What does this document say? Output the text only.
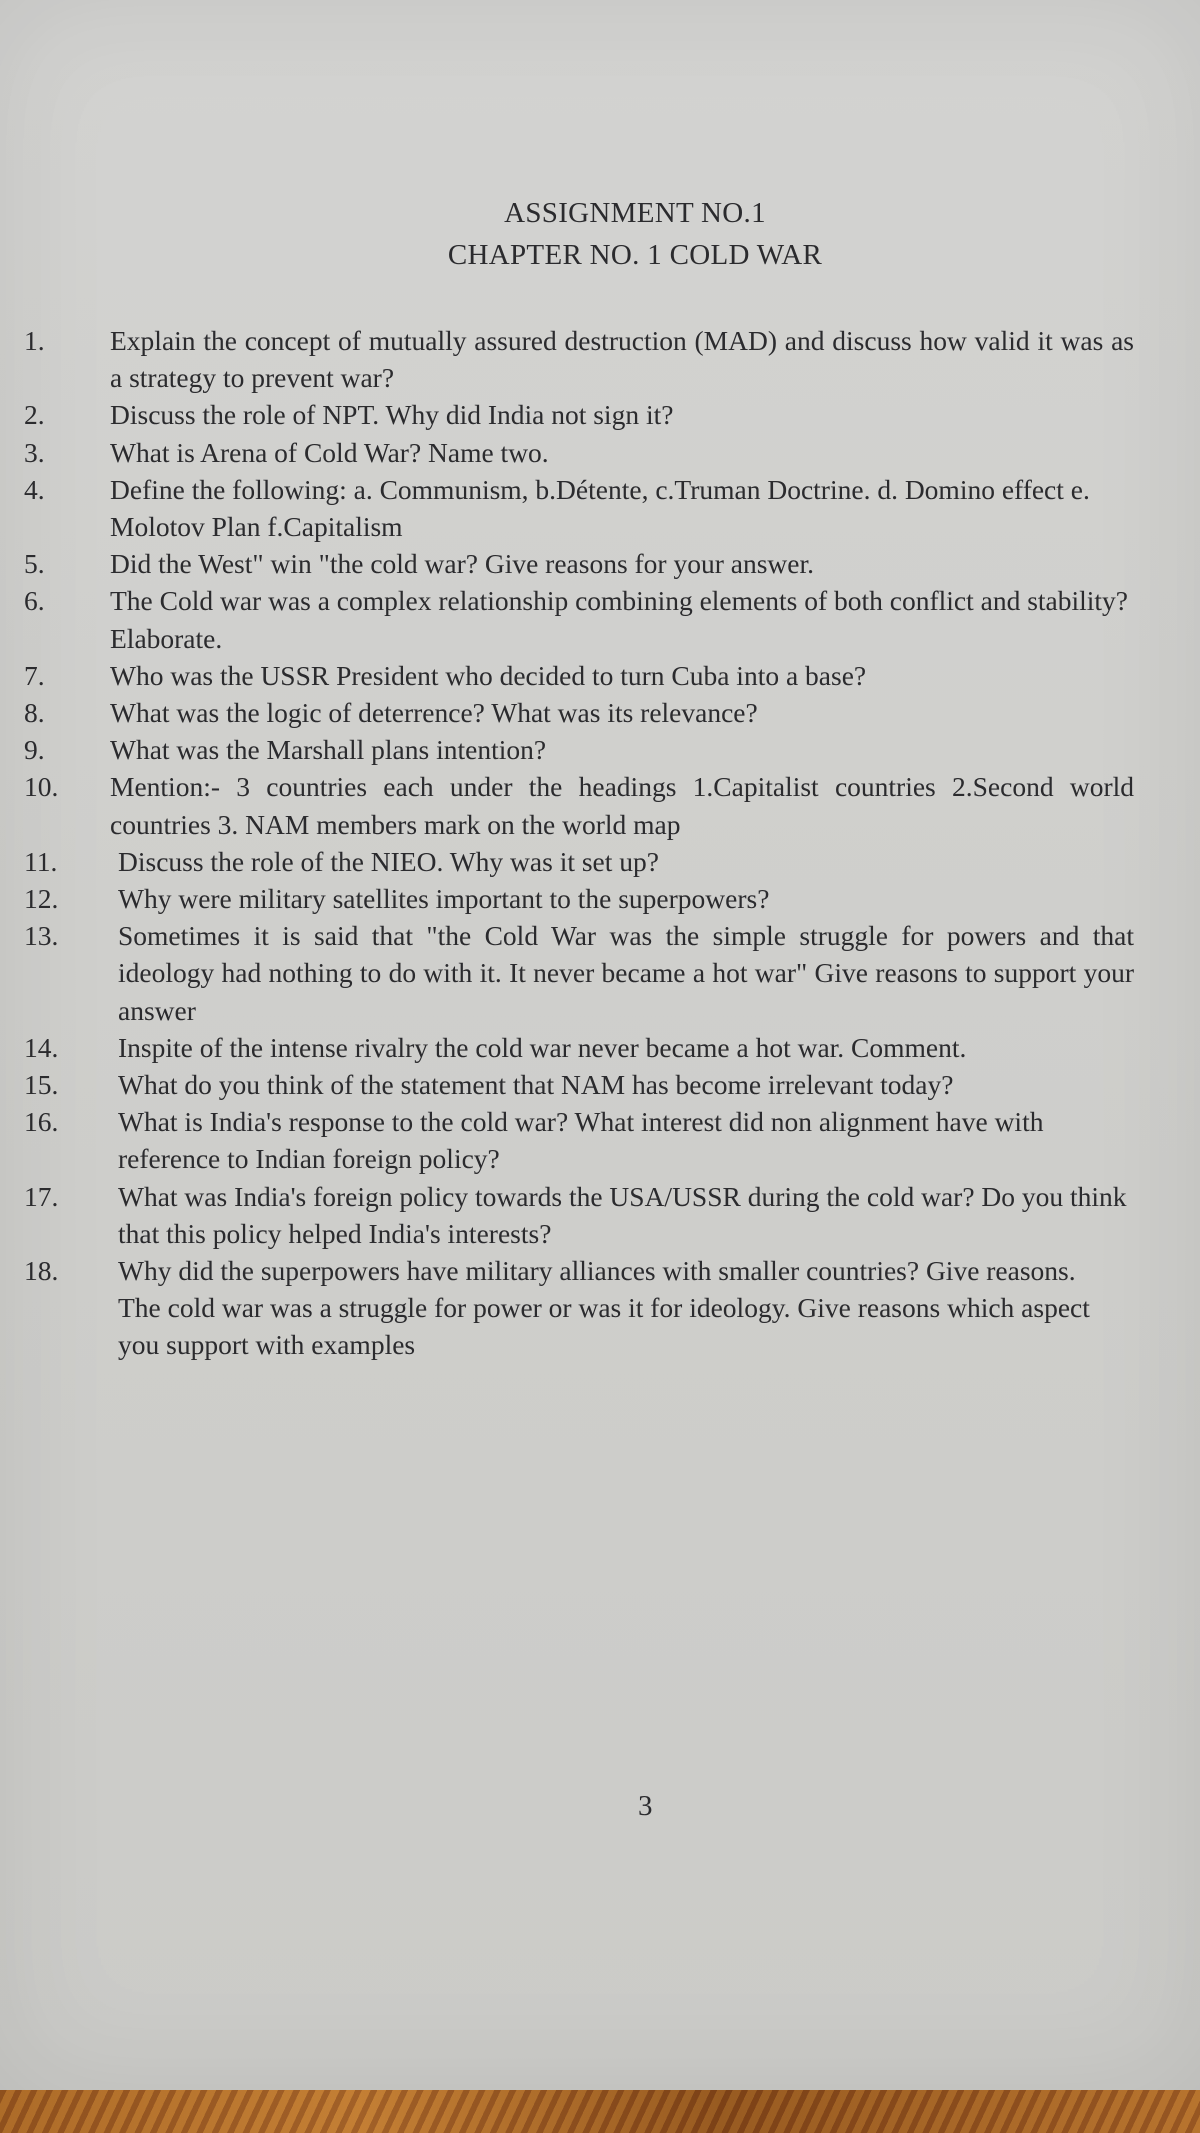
ASSIGNMENT NO.1
CHAPTER NO. 1 COLD WAR
1.	Explain the concept of mutually assured destruction (MAD) and discuss how valid it was as a strategy to prevent war?
2.	Discuss the role of NPT. Why did India not sign it?
3.	What is Arena of Cold War? Name two.
4.	Define the following: a. Communism, b.Détente, c.Truman Doctrine. d. Domino effect e. Molotov Plan f.Capitalism
5.	Did the West" win "the cold war? Give reasons for your answer.
6.	The Cold war was a complex relationship combining elements of both conflict and stability? Elaborate.
7.	Who was the USSR President who decided to turn Cuba into a base?
8.	What was the logic of deterrence? What was its relevance?
9.	What was the Marshall plans intention?
10.	Mention:- 3 countries each under the headings 1.Capitalist countries 2.Second world countries 3. NAM members mark on the world map
11.	Discuss the role of the NIEO. Why was it set up?
12.	Why were military satellites important to the superpowers?
13.	Sometimes it is said that "the Cold War was the simple struggle for powers and that ideology had nothing to do with it. It never became a hot war" Give reasons to support your answer
14.	Inspite of the intense rivalry the cold war never became a hot war. Comment.
15.	What do you think of the statement that NAM has become irrelevant today?
16.	What is India's response to the cold war? What interest did non alignment have with reference to Indian foreign policy?
17.	What was India's foreign policy towards the USA/USSR during the cold war? Do you think that this policy helped India's interests?
18.	Why did the superpowers have military alliances with smaller countries? Give reasons.
The cold war was a struggle for power or was it for ideology. Give reasons which aspect you support with examples
3
